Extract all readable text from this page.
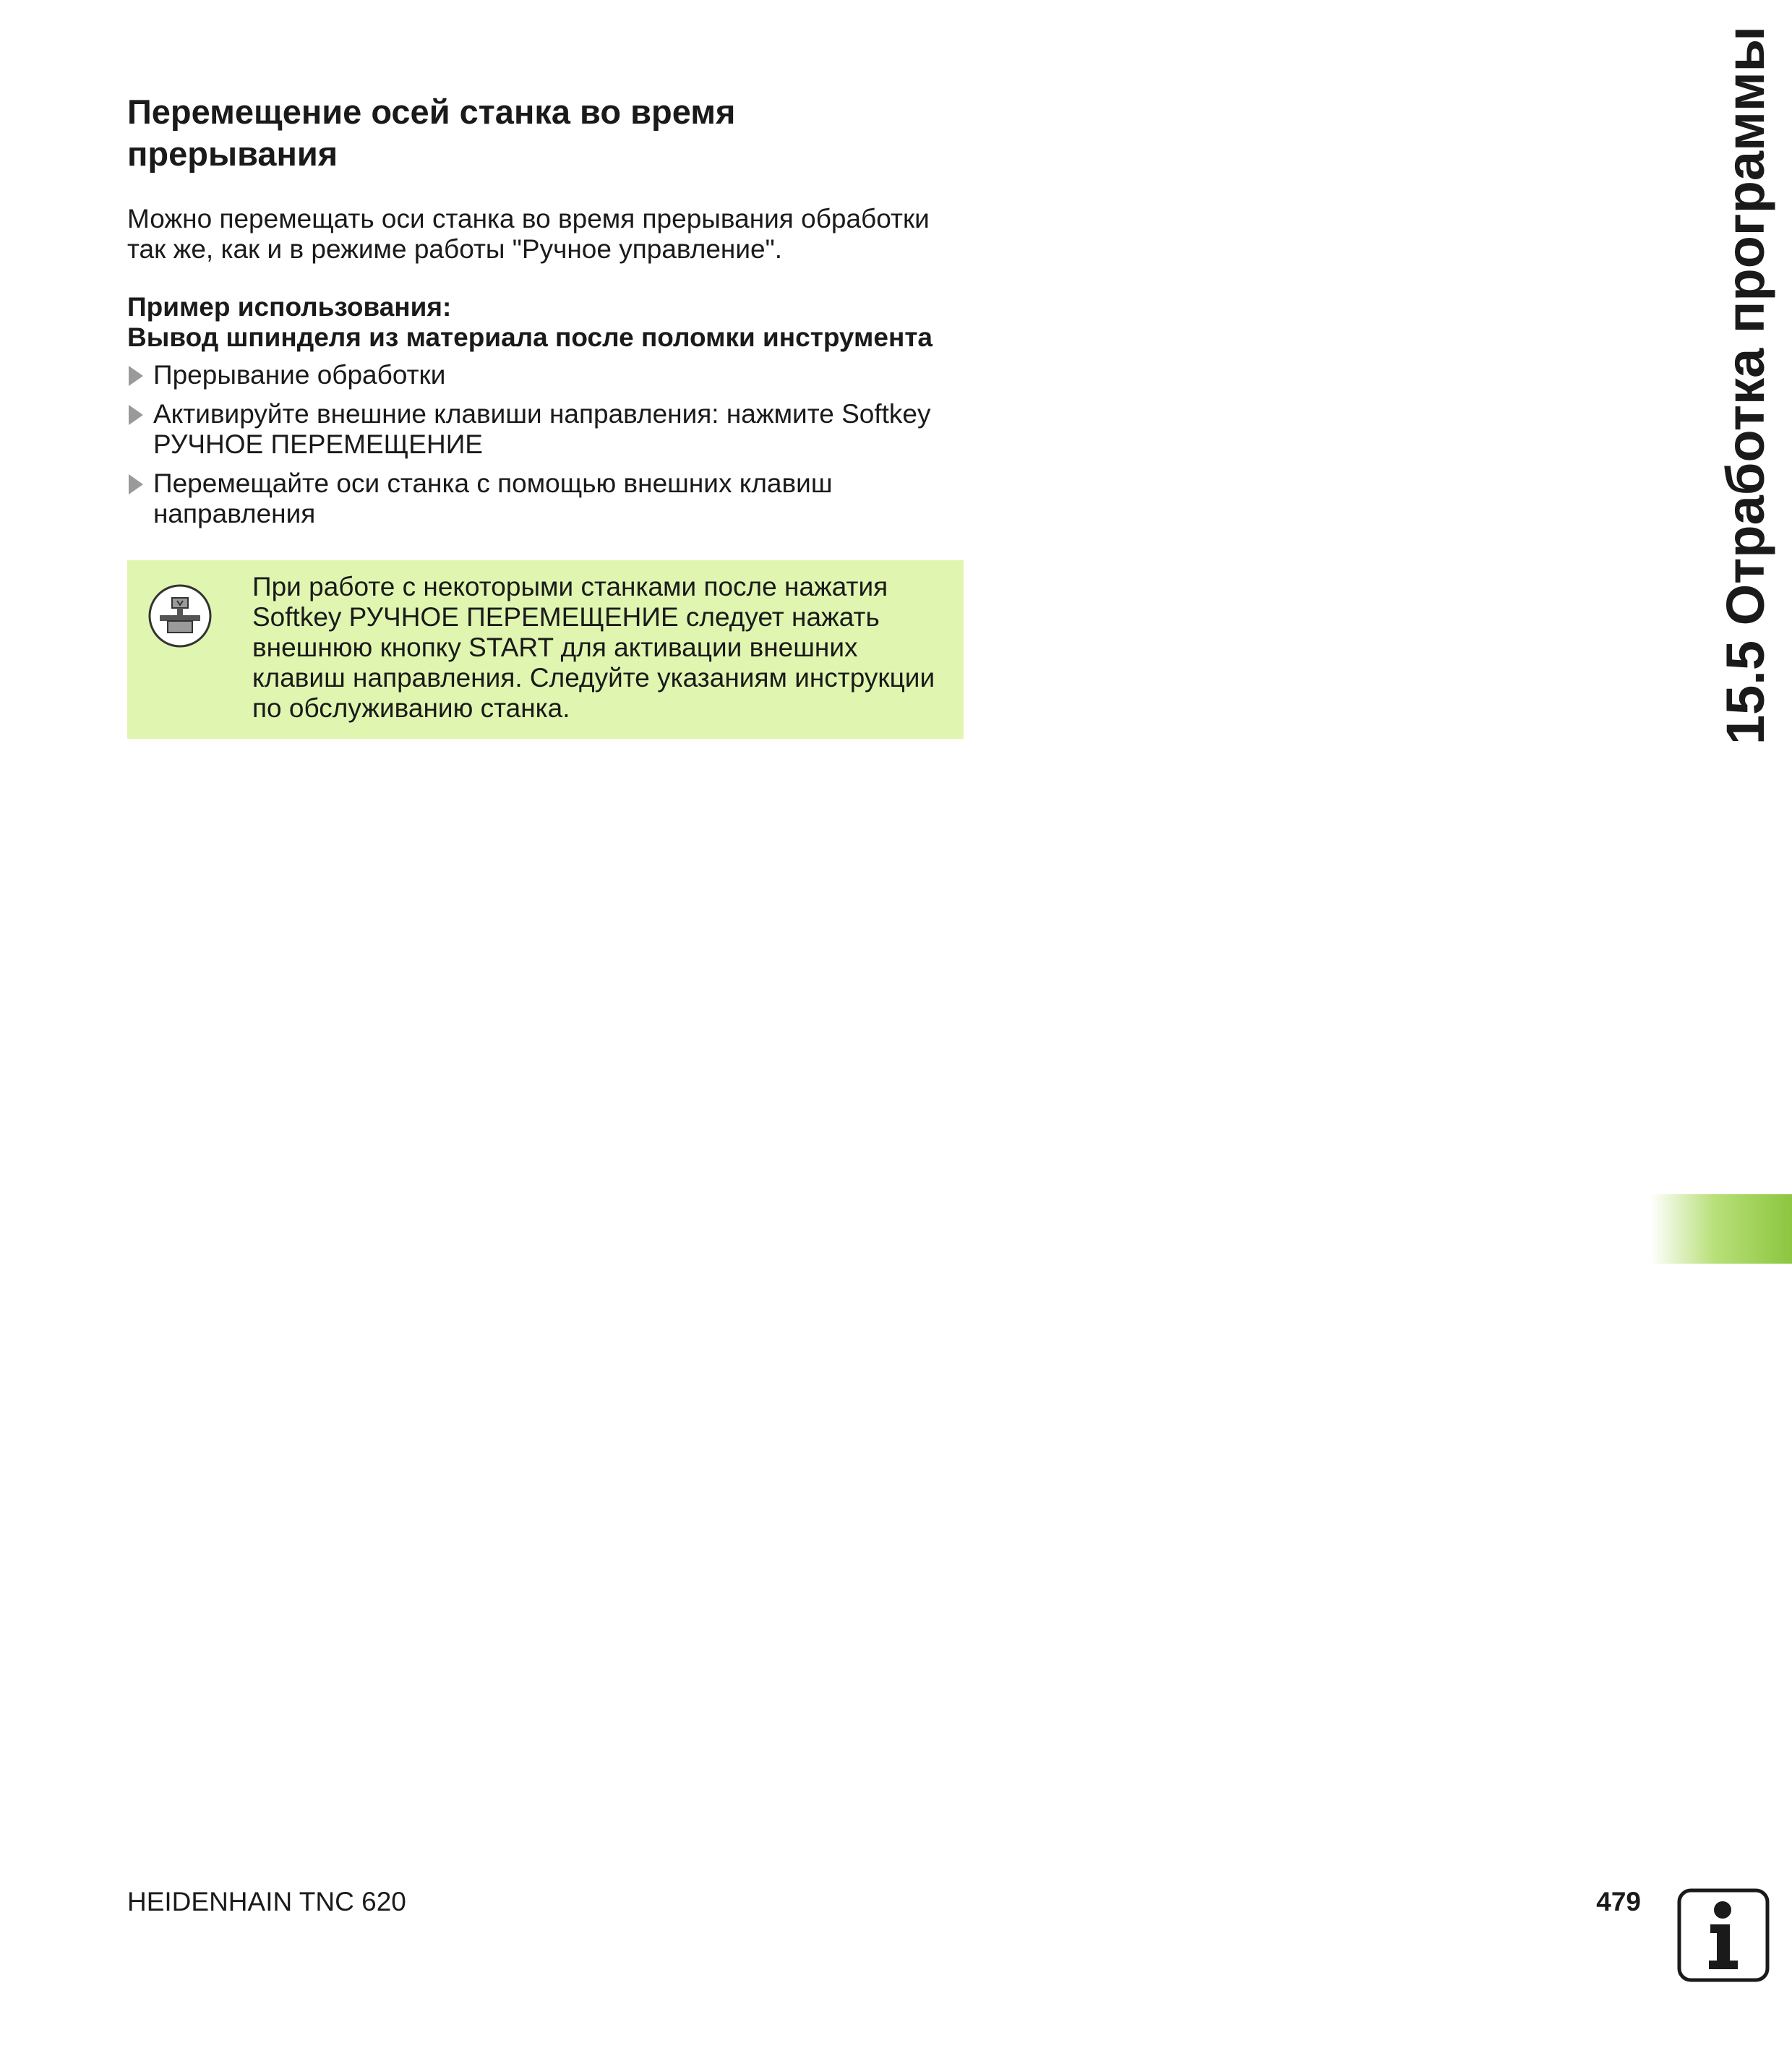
Перемещение осей станка во время прерывания

Можно перемещать оси станка во время прерывания обработки так же, как и в режиме работы "Ручное управление".

Пример использования:
Вывод шпинделя из материала после поломки инструмента
Прерывание обработки
Активируйте внешние клавиши направления: нажмите Softkey РУЧНОЕ ПЕРЕМЕЩЕНИЕ
Перемещайте оси станка с помощью внешних клавиш направления
При работе с некоторыми станками после нажатия Softkey РУЧНОЕ ПЕРЕМЕЩЕНИЕ следует нажать внешнюю кнопку START для активации внешних клавиш направления. Следуйте указаниям инструкции по обслуживанию станка.	15.5 Отработка программы
HEIDENHAIN TNC 620	479
